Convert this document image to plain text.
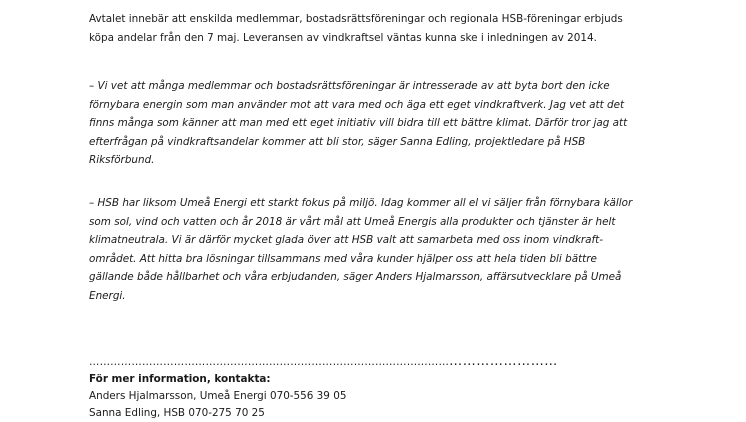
Avtalet innebär att enskilda medlemmar, bostadsrättsföreningar och regionala HSB-föreningar erbjuds
köpa andelar från den 7 maj. Leveransen av vindkraftsel väntas kunna ske i inledningen av 2014.

– Vi vet att många medlemmar och bostadsrättsföreningar är intresserade av att byta bort den icke
förnybara energin som man använder mot att vara med och äga ett eget vindkraftverk. Jag vet att det
finns många som känner att man med ett eget initiativ vill bidra till ett bättre klimat. Därför tror jag att
efterfrågan på vindkraftsandelar kommer att bli stor, säger Sanna Edling, projektledare på HSB
Riksförbund.

– HSB har liksom Umeå Energi ett starkt fokus på miljö. Idag kommer all el vi säljer från förnybara källor
som sol, vind och vatten och år 2018 är vårt mål att Umeå Energis alla produkter och tjänster är helt
klimatneutrala. Vi är därför mycket glada över att HSB valt att samarbeta med oss inom vindkraft-
området. Att hitta bra lösningar tillsammans med våra kunder hjälper oss att hela tiden bli bättre
gällande både hållbarhet och våra erbjudanden, säger Anders Hjalmarsson, affärsutvecklare på Umeå
Energi.

………………………………………………………………………………………………………………
För mer information, kontakta:
Anders Hjalmarsson, Umeå Energi 070-556 39 05
Sanna Edling, HSB 070-275 70 25
